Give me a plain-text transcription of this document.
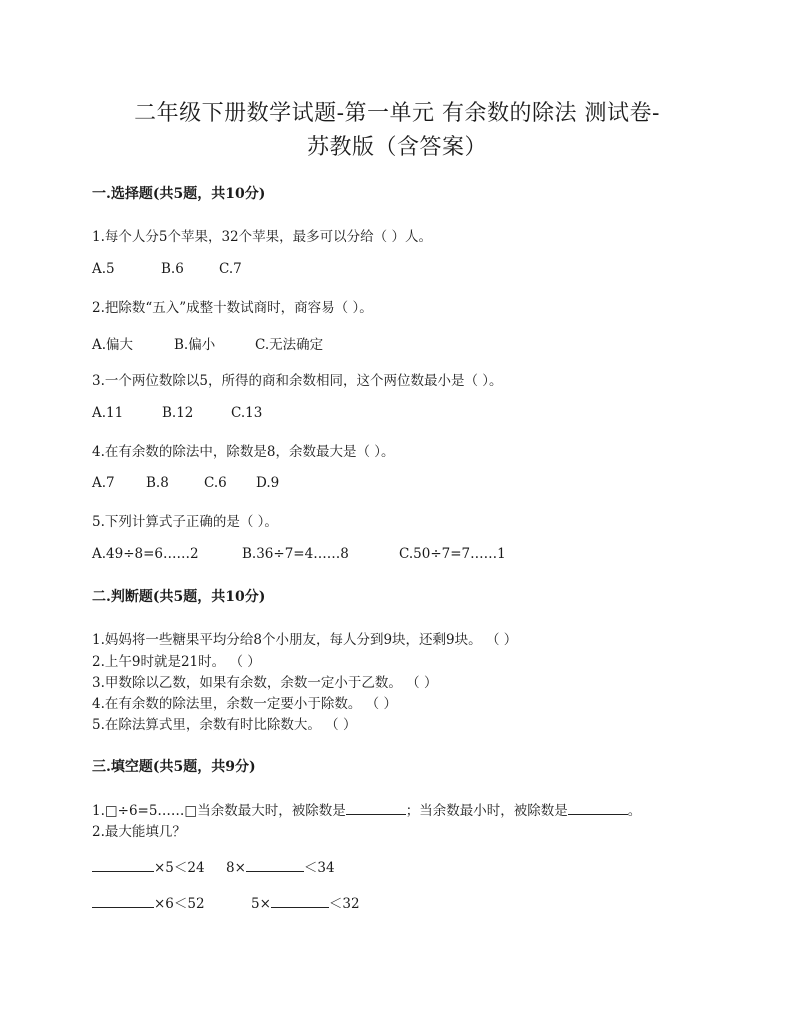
二年级下册数学试题-第一单元 有余数的除法 测试卷-
苏教版（含答案）
一.选择题(共5题，共10分)
1.每个人分5个苹果，32个苹果，最多可以分给（ ）人。
A.5	B.6	C.7
2.把除数“五入”成整十数试商时，商容易（ ）。
A.偏大	B.偏小	C.无法确定
3.一个两位数除以5，所得的商和余数相同，这个两位数最小是（ ）。
A.11	B.12	C.13
4.在有余数的除法中，除数是8，余数最大是（ ）。
A.7 B.8	C.6 D.9
5.下列计算式子正确的是（ ）。
A.49÷8=6……2	B.36÷7=4……8	C.50÷7=7……1
二.判断题(共5题，共10分)
1.妈妈将一些糖果平均分给8个小朋友，每人分到9块，还剩9块。 （ ）
2.上午9时就是21时。 （ ）
3.甲数除以乙数，如果有余数，余数一定小于乙数。 （ ）
4.在有余数的除法里，余数一定要小于除数。 （ ）
5.在除法算式里，余数有时比除数大。 （ ）
三.填空题(共5题，共9分)
1.□÷6=5……□当余数最大时，被除数是	；当余数最小时，被除数是	。
2.最大能填几？
×5＜24 8×	＜34
×6＜52	5×	＜32
